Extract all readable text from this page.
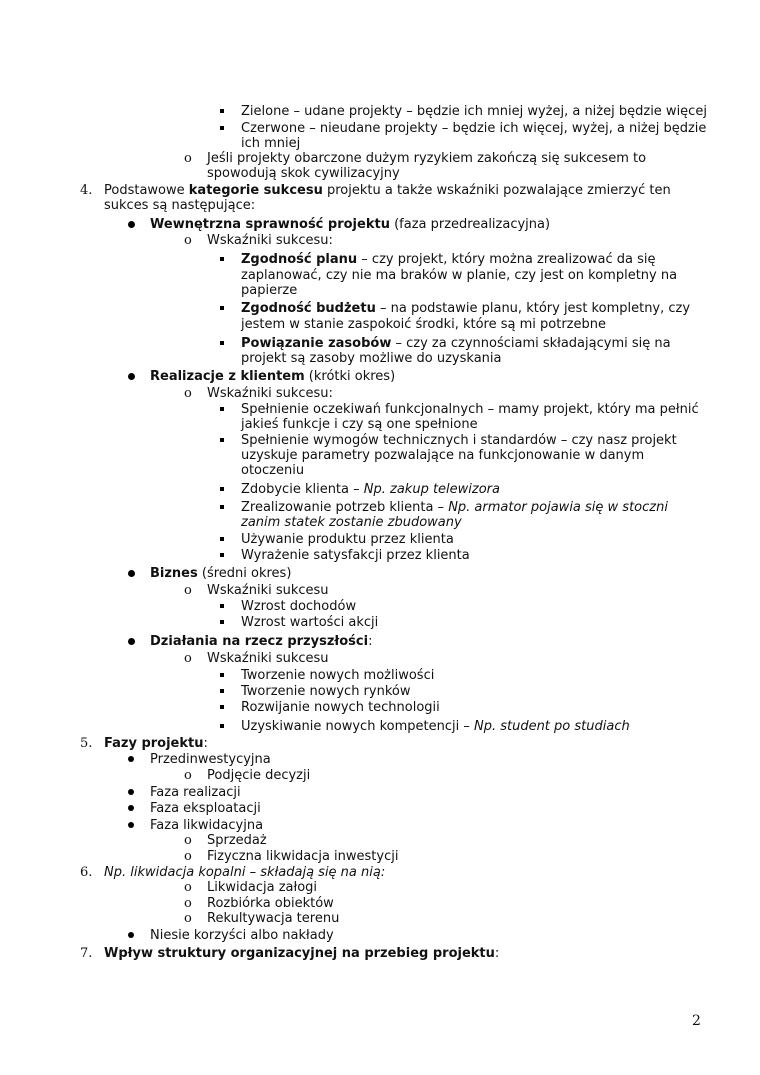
Zielone – udane projekty – będzie ich mniej wyżej, a niżej będzie więcej
Czerwone – nieudane projekty – będzie ich więcej, wyżej, a niżej będzie
ich mniej
o Jeśli projekty obarczone dużym ryzykiem zakończą się sukcesem to
spowodują skok cywilizacyjny
4. Podstawowe kategorie sukcesu projektu a także wskaźniki pozwalające zmierzyć ten
sukces są następujące:
Wewnętrzna sprawność projektu (faza przedrealizacyjna)
o Wskaźniki sukcesu:
Zgodność planu – czy projekt, który można zrealizować da się
zaplanować, czy nie ma braków w planie, czy jest on kompletny na
papierze
Zgodność budżetu – na podstawie planu, który jest kompletny, czy
jestem w stanie zaspokoić środki, które są mi potrzebne
Powiązanie zasobów – czy za czynnościami składającymi się na
projekt są zasoby możliwe do uzyskania
Realizacje z klientem (krótki okres)
o Wskaźniki sukcesu:
Spełnienie oczekiwań funkcjonalnych – mamy projekt, który ma pełnić
jakieś funkcje i czy są one spełnione
Spełnienie wymogów technicznych i standardów – czy nasz projekt
uzyskuje parametry pozwalające na funkcjonowanie w danym
otoczeniu
Zdobycie klienta – Np. zakup telewizora
Zrealizowanie potrzeb klienta – Np. armator pojawia się w stoczni
zanim statek zostanie zbudowany
Używanie produktu przez klienta
Wyrażenie satysfakcji przez klienta
Biznes (średni okres)
o Wskaźniki sukcesu
Wzrost dochodów
Wzrost wartości akcji
Działania na rzecz przyszłości:
o Wskaźniki sukcesu
Tworzenie nowych możliwości
Tworzenie nowych rynków
Rozwijanie nowych technologii
Uzyskiwanie nowych kompetencji – Np. student po studiach
5. Fazy projektu:
Przedinwestycyjna
o Podjęcie decyzji
Faza realizacji
Faza eksploatacji
Faza likwidacyjna
o Sprzedaż
o Fizyczna likwidacja inwestycji
6. Np. likwidacja kopalni – składają się na nią:
o Likwidacja załogi
o Rozbiórka obiektów
o Rekultywacja terenu
Niesie korzyści albo nakłady
7. Wpływ struktury organizacyjnej na przebieg projektu:
2
